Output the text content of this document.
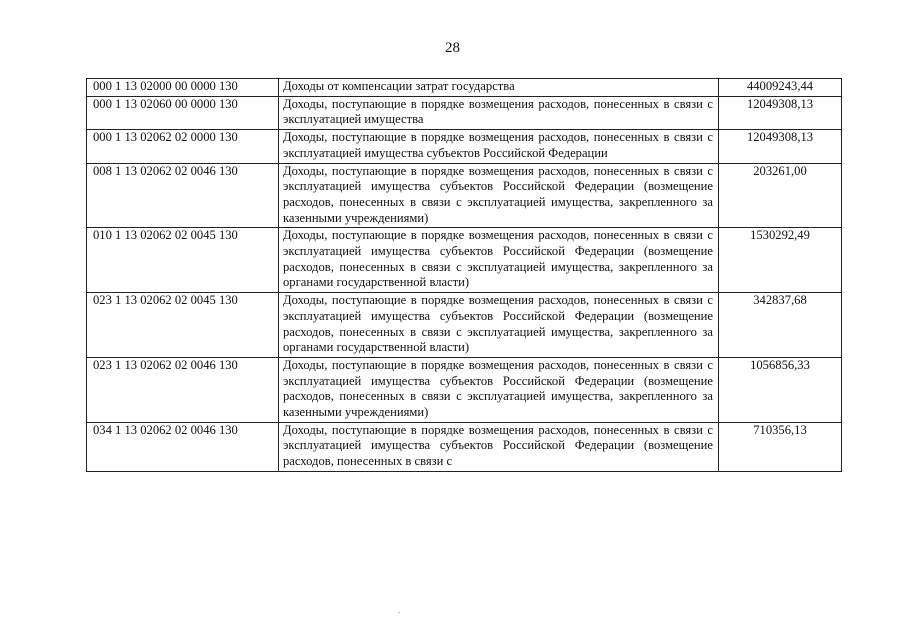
28
000 1 13 02000 00 0000 130	Доходы от компенсации затрат государства	44009243,44
000 1 13 02060 00 0000 130	Доходы, поступающие в порядке возмещения расходов, понесенных в связи с эксплуатацией имущества	12049308,13
000 1 13 02062 02 0000 130	Доходы, поступающие в порядке возмещения расходов, понесенных в связи с эксплуатацией имущества субъектов Российской Федерации	12049308,13
008 1 13 02062 02 0046 130	Доходы, поступающие в порядке возмещения расходов, понесенных в связи с эксплуатацией имущества субъектов Российской Федерации (возмещение расходов, понесенных в связи с эксплуатацией имущества, закрепленного за казенными учреждениями)	203261,00
010 1 13 02062 02 0045 130	Доходы, поступающие в порядке возмещения расходов, понесенных в связи с эксплуатацией имущества субъектов Российской Федерации (возмещение расходов, понесенных в связи с эксплуатацией имущества, закрепленного за органами государственной власти)	1530292,49
023 1 13 02062 02 0045 130	Доходы, поступающие в порядке возмещения расходов, понесенных в связи с эксплуатацией имущества субъектов Российской Федерации (возмещение расходов, понесенных в связи с эксплуатацией имущества, закрепленного за органами государственной власти)	342837,68
023 1 13 02062 02 0046 130	Доходы, поступающие в порядке возмещения расходов, понесенных в связи с эксплуатацией имущества субъектов Российской Федерации (возмещение расходов, понесенных в связи с эксплуатацией имущества, закрепленного за казенными учреждениями)	1056856,33
034 1 13 02062 02 0046 130	Доходы, поступающие в порядке возмещения расходов, понесенных в связи с эксплуатацией имущества субъектов Российской Федерации (возмещение расходов, понесенных в связи с	710356,13
